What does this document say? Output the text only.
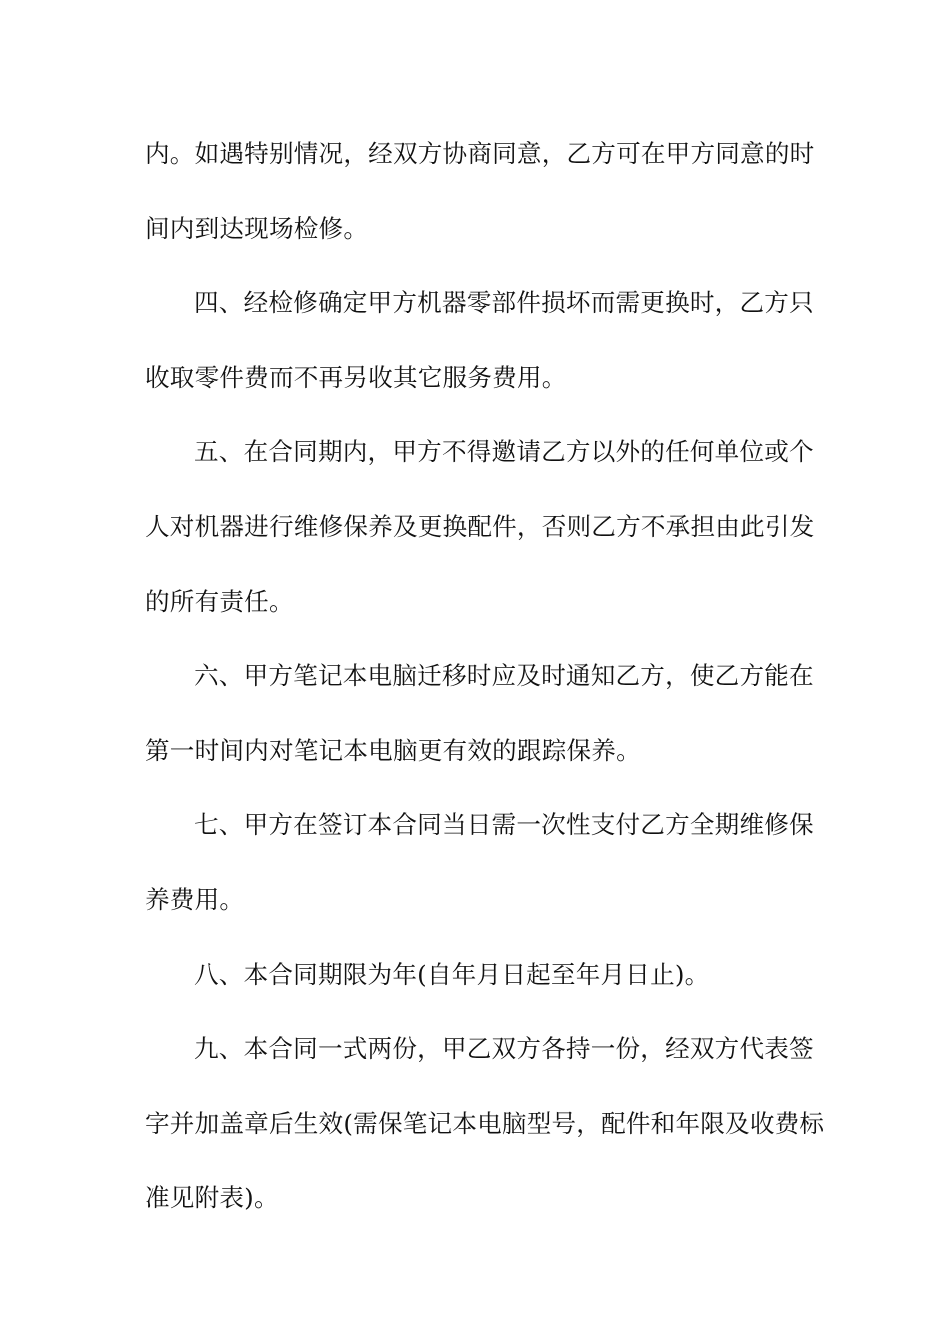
内。如遇特别情况，经双方协商同意，乙方可在甲方同意的时
间内到达现场检修。
四、经检修确定甲方机器零部件损坏而需更换时，乙方只
收取零件费而不再另收其它服务费用。
五、在合同期内，甲方不得邀请乙方以外的任何单位或个
人对机器进行维修保养及更换配件，否则乙方不承担由此引发
的所有责任。
六、甲方笔记本电脑迁移时应及时通知乙方，使乙方能在
第一时间内对笔记本电脑更有效的跟踪保养。
七、甲方在签订本合同当日需一次性支付乙方全期维修保
养费用。
八、本合同期限为年(自年月日起至年月日止)。
九、本合同一式两份，甲乙双方各持一份，经双方代表签
字并加盖章后生效(需保笔记本电脑型号，配件和年限及收费标
准见附表)。
